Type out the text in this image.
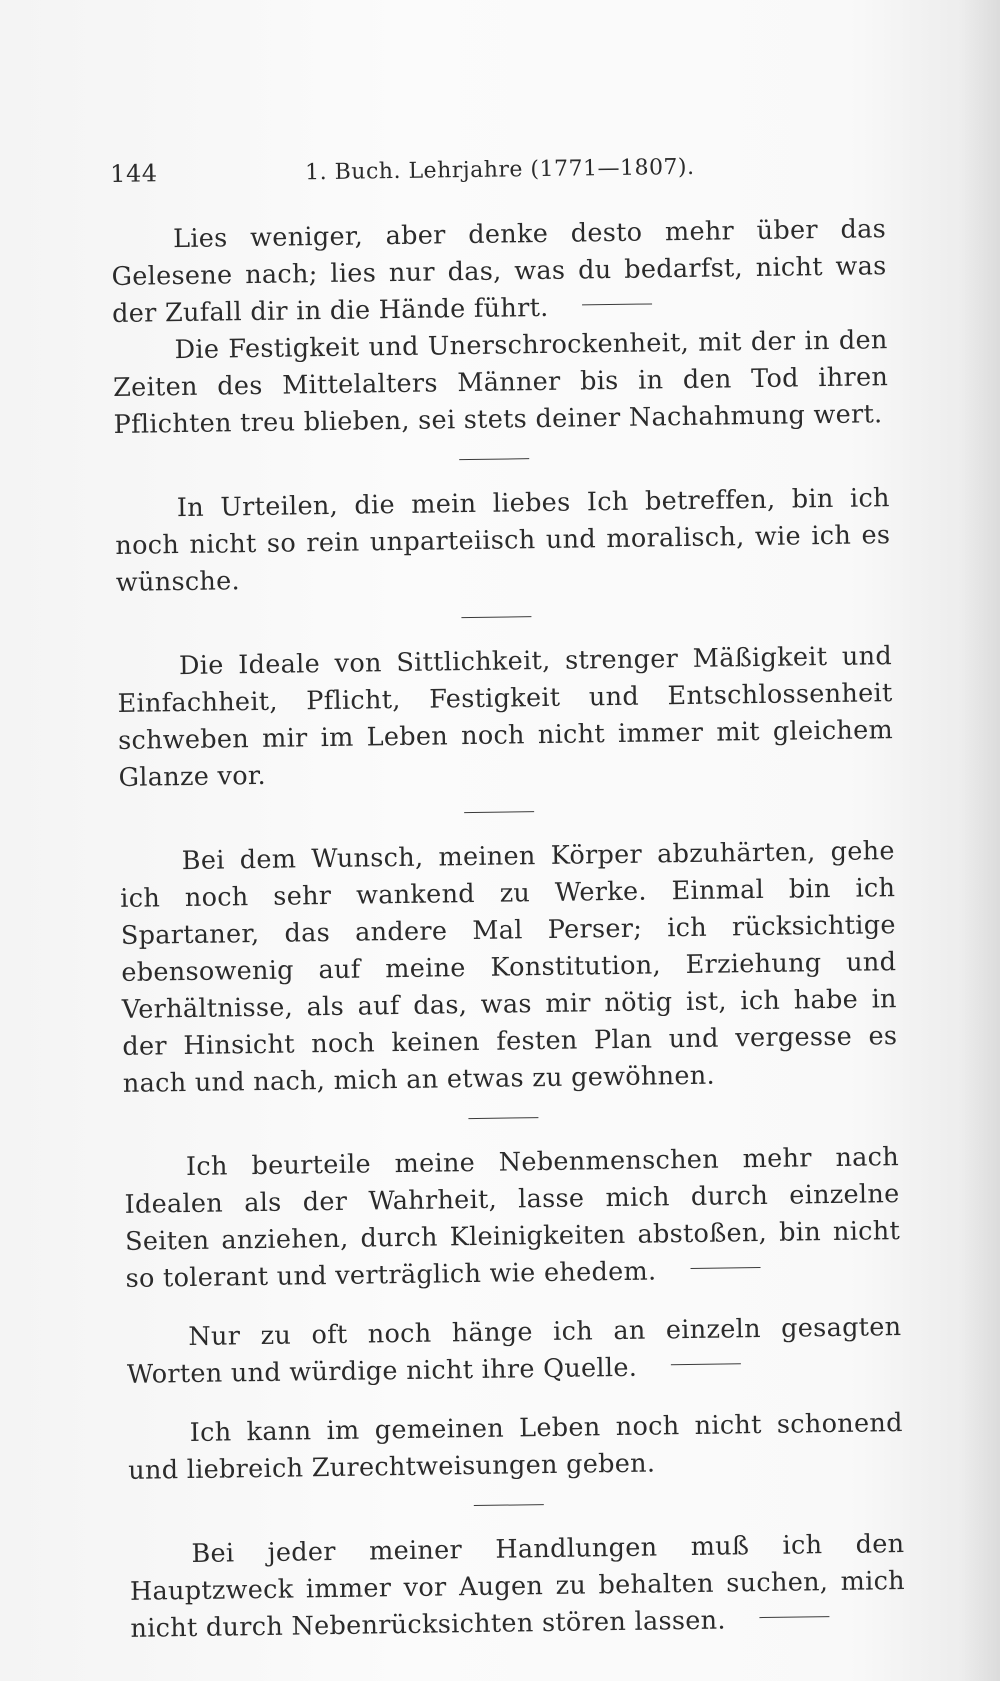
144	1. Buch. Lehrjahre (1771—1807).

Lies weniger, aber denke desto mehr über das Gelesene nach; lies nur das, was du bedarfst, nicht was der Zufall dir in die Hände führt.

Die Festigkeit und Unerschrockenheit, mit der in den Zeiten des Mittelalters Männer bis in den Tod ihren Pflichten treu blieben, sei stets deiner Nachahmung wert.

In Urteilen, die mein liebes Ich betreffen, bin ich noch nicht so rein unparteiisch und moralisch, wie ich es wünsche.

Die Ideale von Sittlichkeit, strenger Mäßigkeit und Einfachheit, Pflicht, Festigkeit und Entschlossenheit schweben mir im Leben noch nicht immer mit gleichem Glanze vor.

Bei dem Wunsch, meinen Körper abzuhärten, gehe ich noch sehr wankend zu Werke. Einmal bin ich Spartaner, das andere Mal Perser; ich rücksichtige ebensowenig auf meine Konstitution, Erziehung und Verhältnisse, als auf das, was mir nötig ist, ich habe in der Hinsicht noch keinen festen Plan und vergesse es nach und nach, mich an etwas zu gewöhnen.

Ich beurteile meine Nebenmenschen mehr nach Idealen als der Wahrheit, lasse mich durch einzelne Seiten anziehen, durch Kleinigkeiten abstoßen, bin nicht so tolerant und verträglich wie ehedem.

Nur zu oft noch hänge ich an einzeln gesagten Worten und würdige nicht ihre Quelle.

Ich kann im gemeinen Leben noch nicht schonend und liebreich Zurechtweisungen geben.

Bei jeder meiner Handlungen muß ich den Hauptzweck immer vor Augen zu behalten suchen, mich nicht durch Nebenrücksichten stören lassen.
